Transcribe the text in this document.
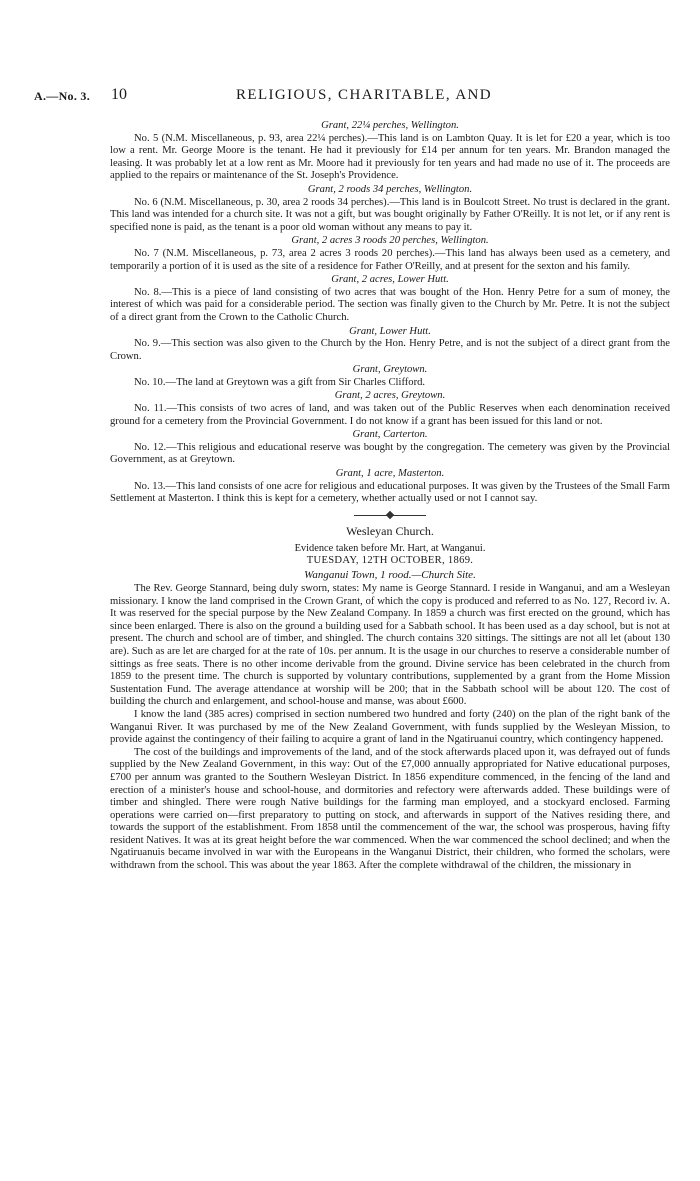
A.—No. 3. 10	RELIGIOUS, CHARITABLE, AND

Grant, 22¼ perches, Wellington.

No. 5 (N.M. Miscellaneous, p. 93, area 22¼ perches).—This land is on Lambton Quay. It is let for £20 a year, which is too low a rent. Mr. George Moore is the tenant. He had it previously for £14 per annum for ten years. Mr. Brandon managed the leasing. It was probably let at a low rent as Mr. Moore had it previously for ten years and had made no use of it. The proceeds are applied to the repairs or maintenance of the St. Joseph's Providence.

Grant, 2 roods 34 perches, Wellington.

No. 6 (N.M. Miscellaneous, p. 30, area 2 roods 34 perches).—This land is in Boulcott Street. No trust is declared in the grant. This land was intended for a church site. It was not a gift, but was bought originally by Father O'Reilly. It is not let, or if any rent is specified none is paid, as the tenant is a poor old woman without any means to pay it.

Grant, 2 acres 3 roods 20 perches, Wellington.

No. 7 (N.M. Miscellaneous, p. 73, area 2 acres 3 roods 20 perches).—This land has always been used as a cemetery, and temporarily a portion of it is used as the site of a residence for Father O'Reilly, and at present for the sexton and his family.

Grant, 2 acres, Lower Hutt.

No. 8.—This is a piece of land consisting of two acres that was bought of the Hon. Henry Petre for a sum of money, the interest of which was paid for a considerable period. The section was finally given to the Church by Mr. Petre. It is not the subject of a direct grant from the Crown to the Catholic Church.

Grant, Lower Hutt.

No. 9.—This section was also given to the Church by the Hon. Henry Petre, and is not the subject of a direct grant from the Crown.

Grant, Greytown.

No. 10.—The land at Greytown was a gift from Sir Charles Clifford.

Grant, 2 acres, Greytown.

No. 11.—This consists of two acres of land, and was taken out of the Public Reserves when each denomination received ground for a cemetery from the Provincial Government. I do not know if a grant has been issued for this land or not.

Grant, Carterton.

No. 12.—This religious and educational reserve was bought by the congregation. The cemetery was given by the Provincial Government, as at Greytown.

Grant, 1 acre, Masterton.

No. 13.—This land consists of one acre for religious and educational purposes. It was given by the Trustees of the Small Farm Settlement at Masterton. I think this is kept for a cemetery, whether actually used or not I cannot say.

Wesleyan Church.

Evidence taken before Mr. Hart, at Wanganui.

TUESDAY, 12TH OCTOBER, 1869.

Wanganui Town, 1 rood.—Church Site.

The Rev. George Stannard, being duly sworn, states: My name is George Stannard. I reside in Wanganui, and am a Wesleyan missionary. I know the land comprised in the Crown Grant, of which the copy is produced and referred to as No. 127, Record iv. A. It was reserved for the special purpose by the New Zealand Company. In 1859 a church was first erected on the ground, which has since been enlarged. There is also on the ground a building used for a Sabbath school. It has been used as a day school, but is not at present. The church and school are of timber, and shingled. The church contains 320 sittings. The sittings are not all let (about 130 are). Such as are let are charged for at the rate of 10s. per annum. It is the usage in our churches to reserve a considerable number of sittings as free seats. There is no other income derivable from the ground. Divine service has been celebrated in the church from 1859 to the present time. The church is supported by voluntary contributions, supplemented by a grant from the Home Mission Sustentation Fund. The average attendance at worship will be 200; that in the Sabbath school will be about 120. The cost of building the church and enlargement, and school-house and manse, was about £600.

I know the land (385 acres) comprised in section numbered two hundred and forty (240) on the plan of the right bank of the Wanganui River. It was purchased by me of the New Zealand Government, with funds supplied by the Wesleyan Mission, to provide against the contingency of their failing to acquire a grant of land in the Ngatiruanui country, which contingency happened.

The cost of the buildings and improvements of the land, and of the stock afterwards placed upon it, was defrayed out of funds supplied by the New Zealand Government, in this way: Out of the £7,000 annually appropriated for Native educational purposes, £700 per annum was granted to the Southern Wesleyan District. In 1856 expenditure commenced, in the fencing of the land and erection of a minister's house and school-house, and dormitories and refectory were afterwards added. These buildings were of timber and shingled. There were rough Native buildings for the farming man employed, and a stockyard enclosed. Farming operations were carried on—first preparatory to putting on stock, and afterwards in support of the Natives residing there, and towards the support of the establishment. From 1858 until the commencement of the war, the school was prosperous, having fifty resident Natives. It was at its great height before the war commenced. When the war commenced the school declined; and when the Ngatiruanuis became involved in war with the Europeans in the Wanganui District, their children, who formed the scholars, were withdrawn from the school. This was about the year 1863. After the complete withdrawal of the children, the missionary in
